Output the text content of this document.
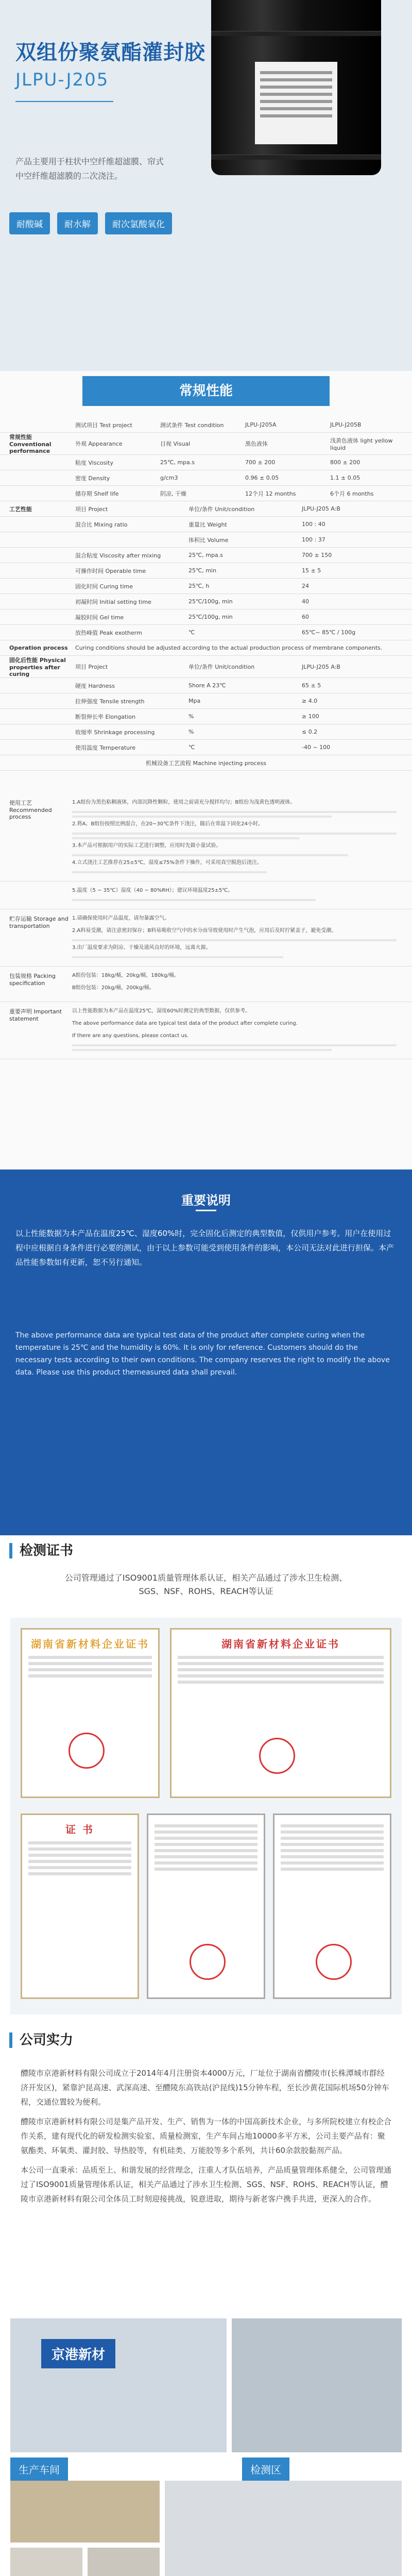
双组份聚氨酯灌封胶
JLPU-J205
产品主要用于柱状中空纤维超滤膜、帘式中空纤维超滤膜的二次浇注。
耐酸碱	耐水解	耐次氯酸氧化
常规性能
测试项目 Test project	测试条件 Test condition	JLPU-J205A	JLPU-J205B
常规性能 Conventional performance
外观 Appearance	目视 Visual	黑色液体	浅黄色液体 light yellow liquid
粘度 Viscosity	25℃, mpa.s	700 ± 200	800 ± 200
密度 Density	g/cm3	0.96 ± 0.05	1.1 ± 0.05
储存期 Shelf life	阴凉, 干燥	12个月 12 months	6个月 6 months
工艺性能	项目 Project	单位/条件 Unit/condition	JLPU-J205 A:B
混合比 Mixing ratio	重量比 Weight	100 : 40
体积比 Volume	100 : 37
混合粘度 Viscosity after mixing	25℃, mpa.s	700 ± 150
可操作时间 Operable time	25℃, min	15 ± 5
固化时间 Curing time	25℃, h	24
初凝时间 Initial setting time	25℃/100g, min	40
凝胶时间 Gel time	25℃/100g, min	60
放热峰值 Peak exotherm	℃	65℃~ 85℃ / 100g
Operation process	Curing conditions should be adjusted according to the actual production process of membrane components.
固化后性能 Physical properties after curing
项目 Project	单位/条件 Unit/condition	JLPU-J205 A:B
硬度 Hardness	Shore A 23℃	65 ± 5
拉伸强度 Tensile strength	Mpa	≥ 4.0
断裂伸长率 Elongation	%	≥ 100
收缩率 Shrinkage processing	%	≤ 0.2
使用温度 Temperature	℃	-40 ~ 100
机械设备工艺流程 Machine injecting process
使用工艺 Recommended process

1.A组份为黑色粘稠液体，内部沉降性颗粒，使用之前请充分搅拌均匀；B组份为浅黄色透明液体。

2.将A、B组份按照比例混合，在20~30℃条件下浇注，随后在常温下固化24小时。

3.本产品可根据用户的实际工艺进行调整，应用时先做小量试验。

4.立式浇注工艺推荐在25±5℃，湿度≤75%条件下操作，可采用真空脱泡后浇注。

5.温度（5 ~ 35℃）湿度（40 ~ 80%RH）；建议环境温度25±5℃。

贮存运输 Storage and transportation

1.请确保使用时产品温度，请勿暴露空气。

2.A料易受潮，请注意密封保存；B料易吸收空气中的水分而导致使用时产生气泡，应用后及时拧紧盖子，避免受潮。

3.出厂温度要求为阴凉、干燥及通风良好的环境，远离火源。

包装规格 Packing specification

A组份包装：18kg/桶，20kg/桶，180kg/桶。

B组份包装：20kg/桶，200kg/桶。

重要声明 Important statement

以上性能数据为本产品在温度25℃，湿度60%时测定的典型数据，仅供参考。

The above performance data are typical test data of the product after complete curing.

If there are any questions, please contact us.

重要说明
以上性能数据为本产品在温度25℃、湿度60%时，完全固化后测定的典型数值，仅供用户参考。用户在使用过程中应根据自身条件进行必要的测试，由于以上参数可能受到使用条件的影响，本公司无法对此进行担保。本产品性能参数如有更新，恕不另行通知。
The above performance data are typical test data of the product after complete curing when the temperature is 25℃ and the humidity is 60%. It is only for reference. Customers should do the necessary tests according to their own conditions. The company reserves the right to modify the above data. Please use this product themeasured data shall prevail.
检测证书
公司管理通过了ISO9001质量管理体系认证，相关产品通过了涉水卫生检测、SGS、NSF、ROHS、REACH等认证
湖南省新材料企业证书	湖南省新材料企业证书
证 书
公司实力

醴陵市京港新材料有限公司成立于2014年4月注册资本4000万元，厂址位于湖南省醴陵市(长株潭城市群经济开发区)，紧靠沪昆高速、武深高速、至醴陵东高铁站(沪昆线)15分钟车程，至长沙黄花国际机场50分钟车程，交通位置较为便利。

醴陵市京港新材料有限公司是集产品开发、生产、销售为一体的中国高新技术企业，与多所院校建立有校企合作关系，建有现代化的研发检测实验室、质量检测室，生产车间占地10000多平方米，公司主要产品有：聚氨酯类、环氧类、灌封胶、导热胶等，有机硅类、万能胶等多个系列，共计60余款胶黏剂产品。

本公司一直秉承：品质至上、和谐发展的经营理念，注重人才队伍培养，产品质量管理体系健全，公司管理通过了ISO9001质量管理体系认证，相关产品通过了涉水卫生检测、SGS、NSF、ROHS、REACH等认证，醴陵市京港新材料有限公司全体员工时刻迎接挑战，锐意进取，期待与新老客户携手共进，更深入的合作。

京港新材
生产车间	检测区
